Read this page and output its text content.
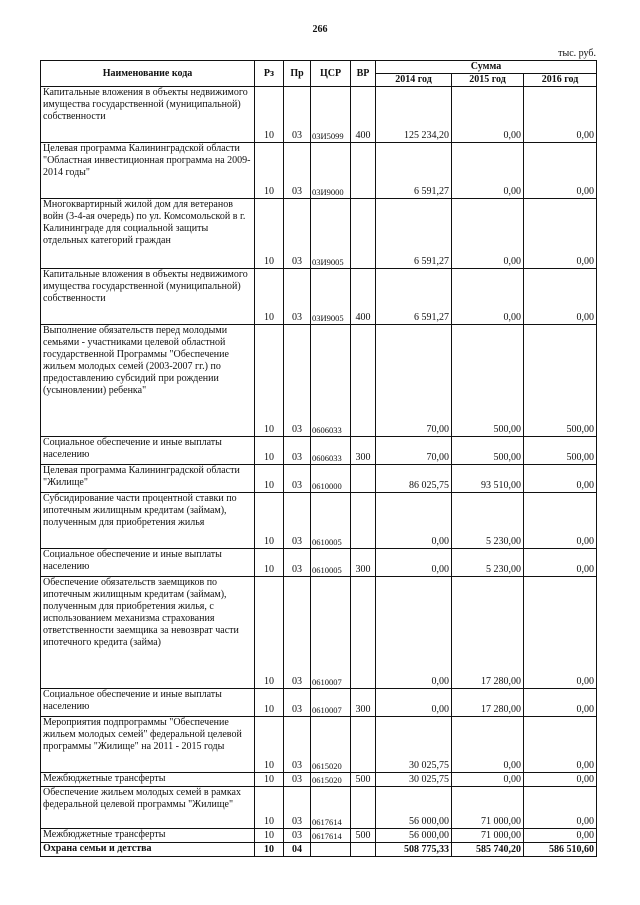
266
тыс. руб.
Наименование кода	Рз	Пр	ЦСР	ВР	Сумма		
					2014 год	2015 год	2016 год
Капитальные вложения в объекты недвижимого имущества государственной (муниципальной) собственности	10	03	03И5099	400	125 234,20	0,00	0,00
Целевая программа Калининградской области "Областная инвестиционная программа на 2009-2014 годы"	10	03	03И9000		6 591,27	0,00	0,00
Многоквартирный жилой дом для ветеранов войн (3-4-ая очередь) по ул. Комсомольской в г. Калининграде для социальной защиты отдельных категорий граждан	10	03	03И9005		6 591,27	0,00	0,00
Капитальные вложения в объекты недвижимого имущества государственной (муниципальной) собственности	10	03	03И9005	400	6 591,27	0,00	0,00
Выполнение обязательств перед молодыми семьями - участниками целевой областной государственной Программы "Обеспечение жильем молодых семей (2003-2007 гг.) по предоставлению субсидий при рождении (усыновлении) ребенка"	10	03	0606033		70,00	500,00	500,00
Социальное обеспечение и иные выплаты населению	10	03	0606033	300	70,00	500,00	500,00
Целевая программа Калининградской области "Жилище"	10	03	0610000		86 025,75	93 510,00	0,00
Субсидирование части процентной ставки по ипотечным жилищным кредитам (займам), полученным для приобретения жилья	10	03	0610005		0,00	5 230,00	0,00
Социальное обеспечение и иные выплаты населению	10	03	0610005	300	0,00	5 230,00	0,00
Обеспечение обязательств заемщиков по ипотечным жилищным кредитам (займам), полученным для приобретения жилья, с использованием механизма страхования ответственности заемщика за невозврат части ипотечного кредита (займа)	10	03	0610007		0,00	17 280,00	0,00
Социальное обеспечение и иные выплаты населению	10	03	0610007	300	0,00	17 280,00	0,00
Мероприятия подпрограммы "Обеспечение жильем молодых семей" федеральной целевой программы "Жилище" на 2011 - 2015 годы	10	03	0615020		30 025,75	0,00	0,00
Межбюджетные трансферты	10	03	0615020	500	30 025,75	0,00	0,00
Обеспечение жильем молодых семей в рамках федеральной целевой программы "Жилище"	10	03	0617614		56 000,00	71 000,00	0,00
Межбюджетные трансферты	10	03	0617614	500	56 000,00	71 000,00	0,00
Охрана семьи и детства	10	04			508 775,33	585 740,20	586 510,60
